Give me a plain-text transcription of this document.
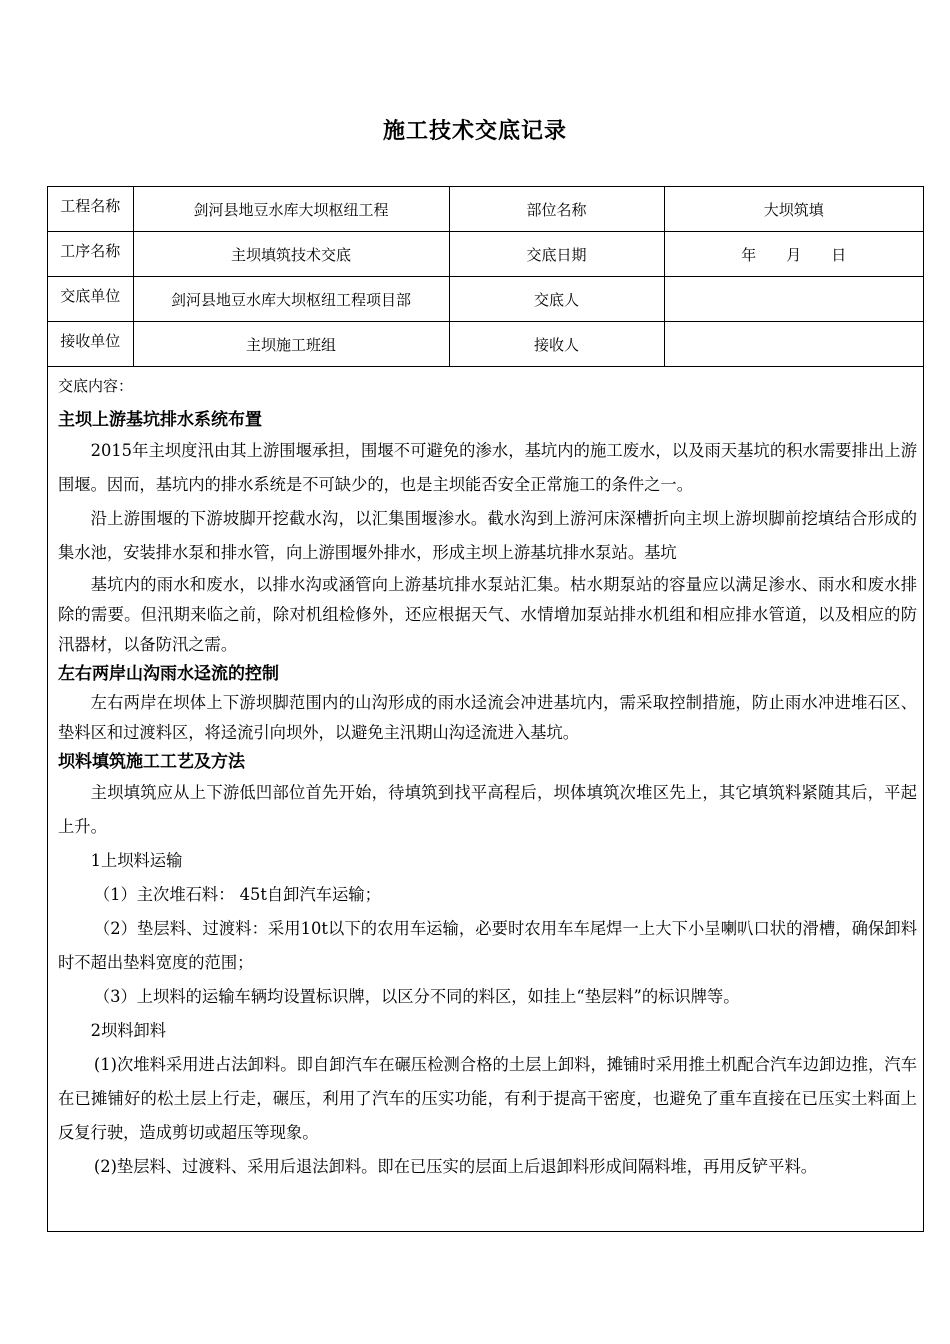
施工技术交底记录
工程名称	剑河县地豆水库大坝枢纽工程	部位名称	大坝筑填

工序名称	主坝填筑技术交底	交底日期	年　　月　　日

交底单位	剑河县地豆水库大坝枢纽工程项目部	交底人	

接收单位	主坝施工班组	接收人	

交底内容：

主坝上游基坑排水系统布置

2015年主坝度汛由其上游围堰承担，围堰不可避免的渗水，基坑内的施工废水，以及雨天基坑的积水需要排出上游围堰。因而，基坑内的排水系统是不可缺少的，也是主坝能否安全正常施工的条件之一。

沿上游围堰的下游坡脚开挖截水沟，以汇集围堰渗水。截水沟到上游河床深槽折向主坝上游坝脚前挖填结合形成的集水池，安装排水泵和排水管，向上游围堰外排水，形成主坝上游基坑排水泵站。基坑

基坑内的雨水和废水，以排水沟或涵管向上游基坑排水泵站汇集。枯水期泵站的容量应以满足渗水、雨水和废水排除的需要。但汛期来临之前，除对机组检修外，还应根据天气、水情增加泵站排水机组和相应排水管道，以及相应的防汛器材，以备防汛之需。

左右两岸山沟雨水迳流的控制

左右两岸在坝体上下游坝脚范围内的山沟形成的雨水迳流会冲进基坑内，需采取控制措施，防止雨水冲进堆石区、垫料区和过渡料区，将迳流引向坝外，以避免主汛期山沟迳流进入基坑。

坝料填筑施工工艺及方法

主坝填筑应从上下游低凹部位首先开始，待填筑到找平高程后，坝体填筑次堆区先上，其它填筑料紧随其后，平起上升。

1上坝料运输

（1）主次堆石料： 45t自卸汽车运输；

（2）垫层料、过渡料：采用10t以下的农用车运输，必要时农用车车尾焊一上大下小呈喇叭口状的滑槽，确保卸料时不超出垫料宽度的范围；

（3）上坝料的运输车辆均设置标识牌，以区分不同的料区，如挂上“垫层料”的标识牌等。

2坝料卸料

(1)次堆料采用进占法卸料。即自卸汽车在碾压检测合格的土层上卸料，摊铺时采用推土机配合汽车边卸边推，汽车在已摊铺好的松土层上行走，碾压，利用了汽车的压实功能，有利于提高干密度，也避免了重车直接在已压实土料面上反复行驶，造成剪切或超压等现象。

(2)垫层料、过渡料、采用后退法卸料。即在已压实的层面上后退卸料形成间隔料堆，再用反铲平料。
